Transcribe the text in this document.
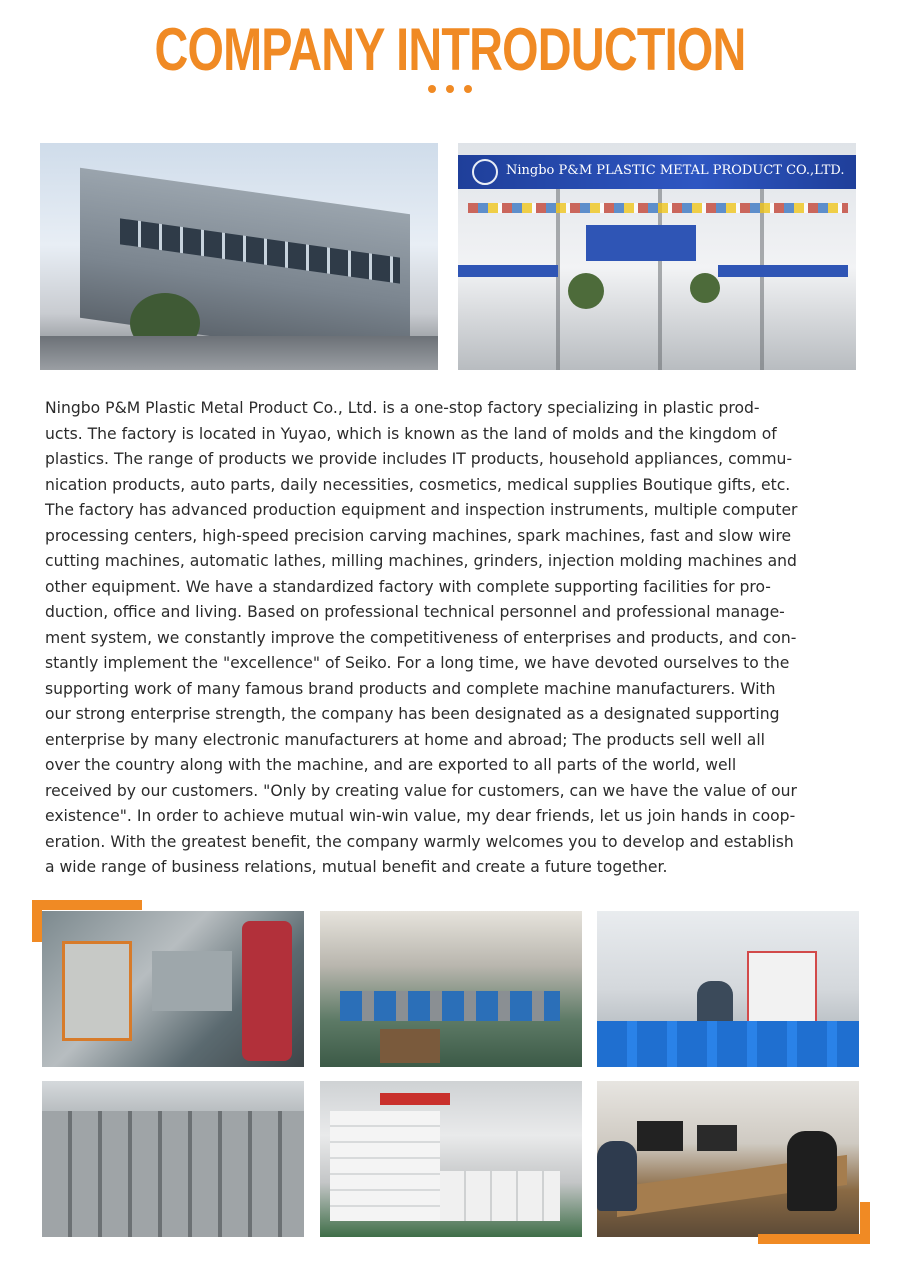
COMPANY INTRODUCTION
Ningbo P&M PLASTIC METAL PRODUCT CO.,LTD.

Ningbo P&M Plastic Metal Product Co., Ltd. is a one-stop factory specializing in plastic prod-

ucts. The factory is located in Yuyao, which is known as the land of molds and the kingdom of

plastics. The range of products we provide includes IT products, household appliances, commu-

nication products, auto parts, daily necessities, cosmetics, medical supplies Boutique gifts, etc.

The factory has advanced production equipment and inspection instruments, multiple computer

processing centers, high-speed precision carving machines, spark machines, fast and slow wire

cutting machines, automatic lathes, milling machines, grinders, injection molding machines and

other equipment. We have a standardized factory with complete supporting facilities for pro-

duction, office and living. Based on professional technical personnel and professional manage-

ment system, we constantly improve the competitiveness of enterprises and products, and con-

stantly implement the "excellence" of Seiko. For a long time, we have devoted ourselves to the

supporting work of many famous brand products and complete machine manufacturers. With

our strong enterprise strength, the company has been designated as a designated supporting

enterprise by many electronic manufacturers at home and abroad; The products sell well all

over the country along with the machine, and are exported to all parts of the world, well

received by our customers. "Only by creating value for customers, can we have the value of our

existence". In order to achieve mutual win-win value, my dear friends, let us join hands in coop-

eration. With the greatest benefit, the company warmly welcomes you to develop and establish

a wide range of business relations, mutual benefit and create a future together.
